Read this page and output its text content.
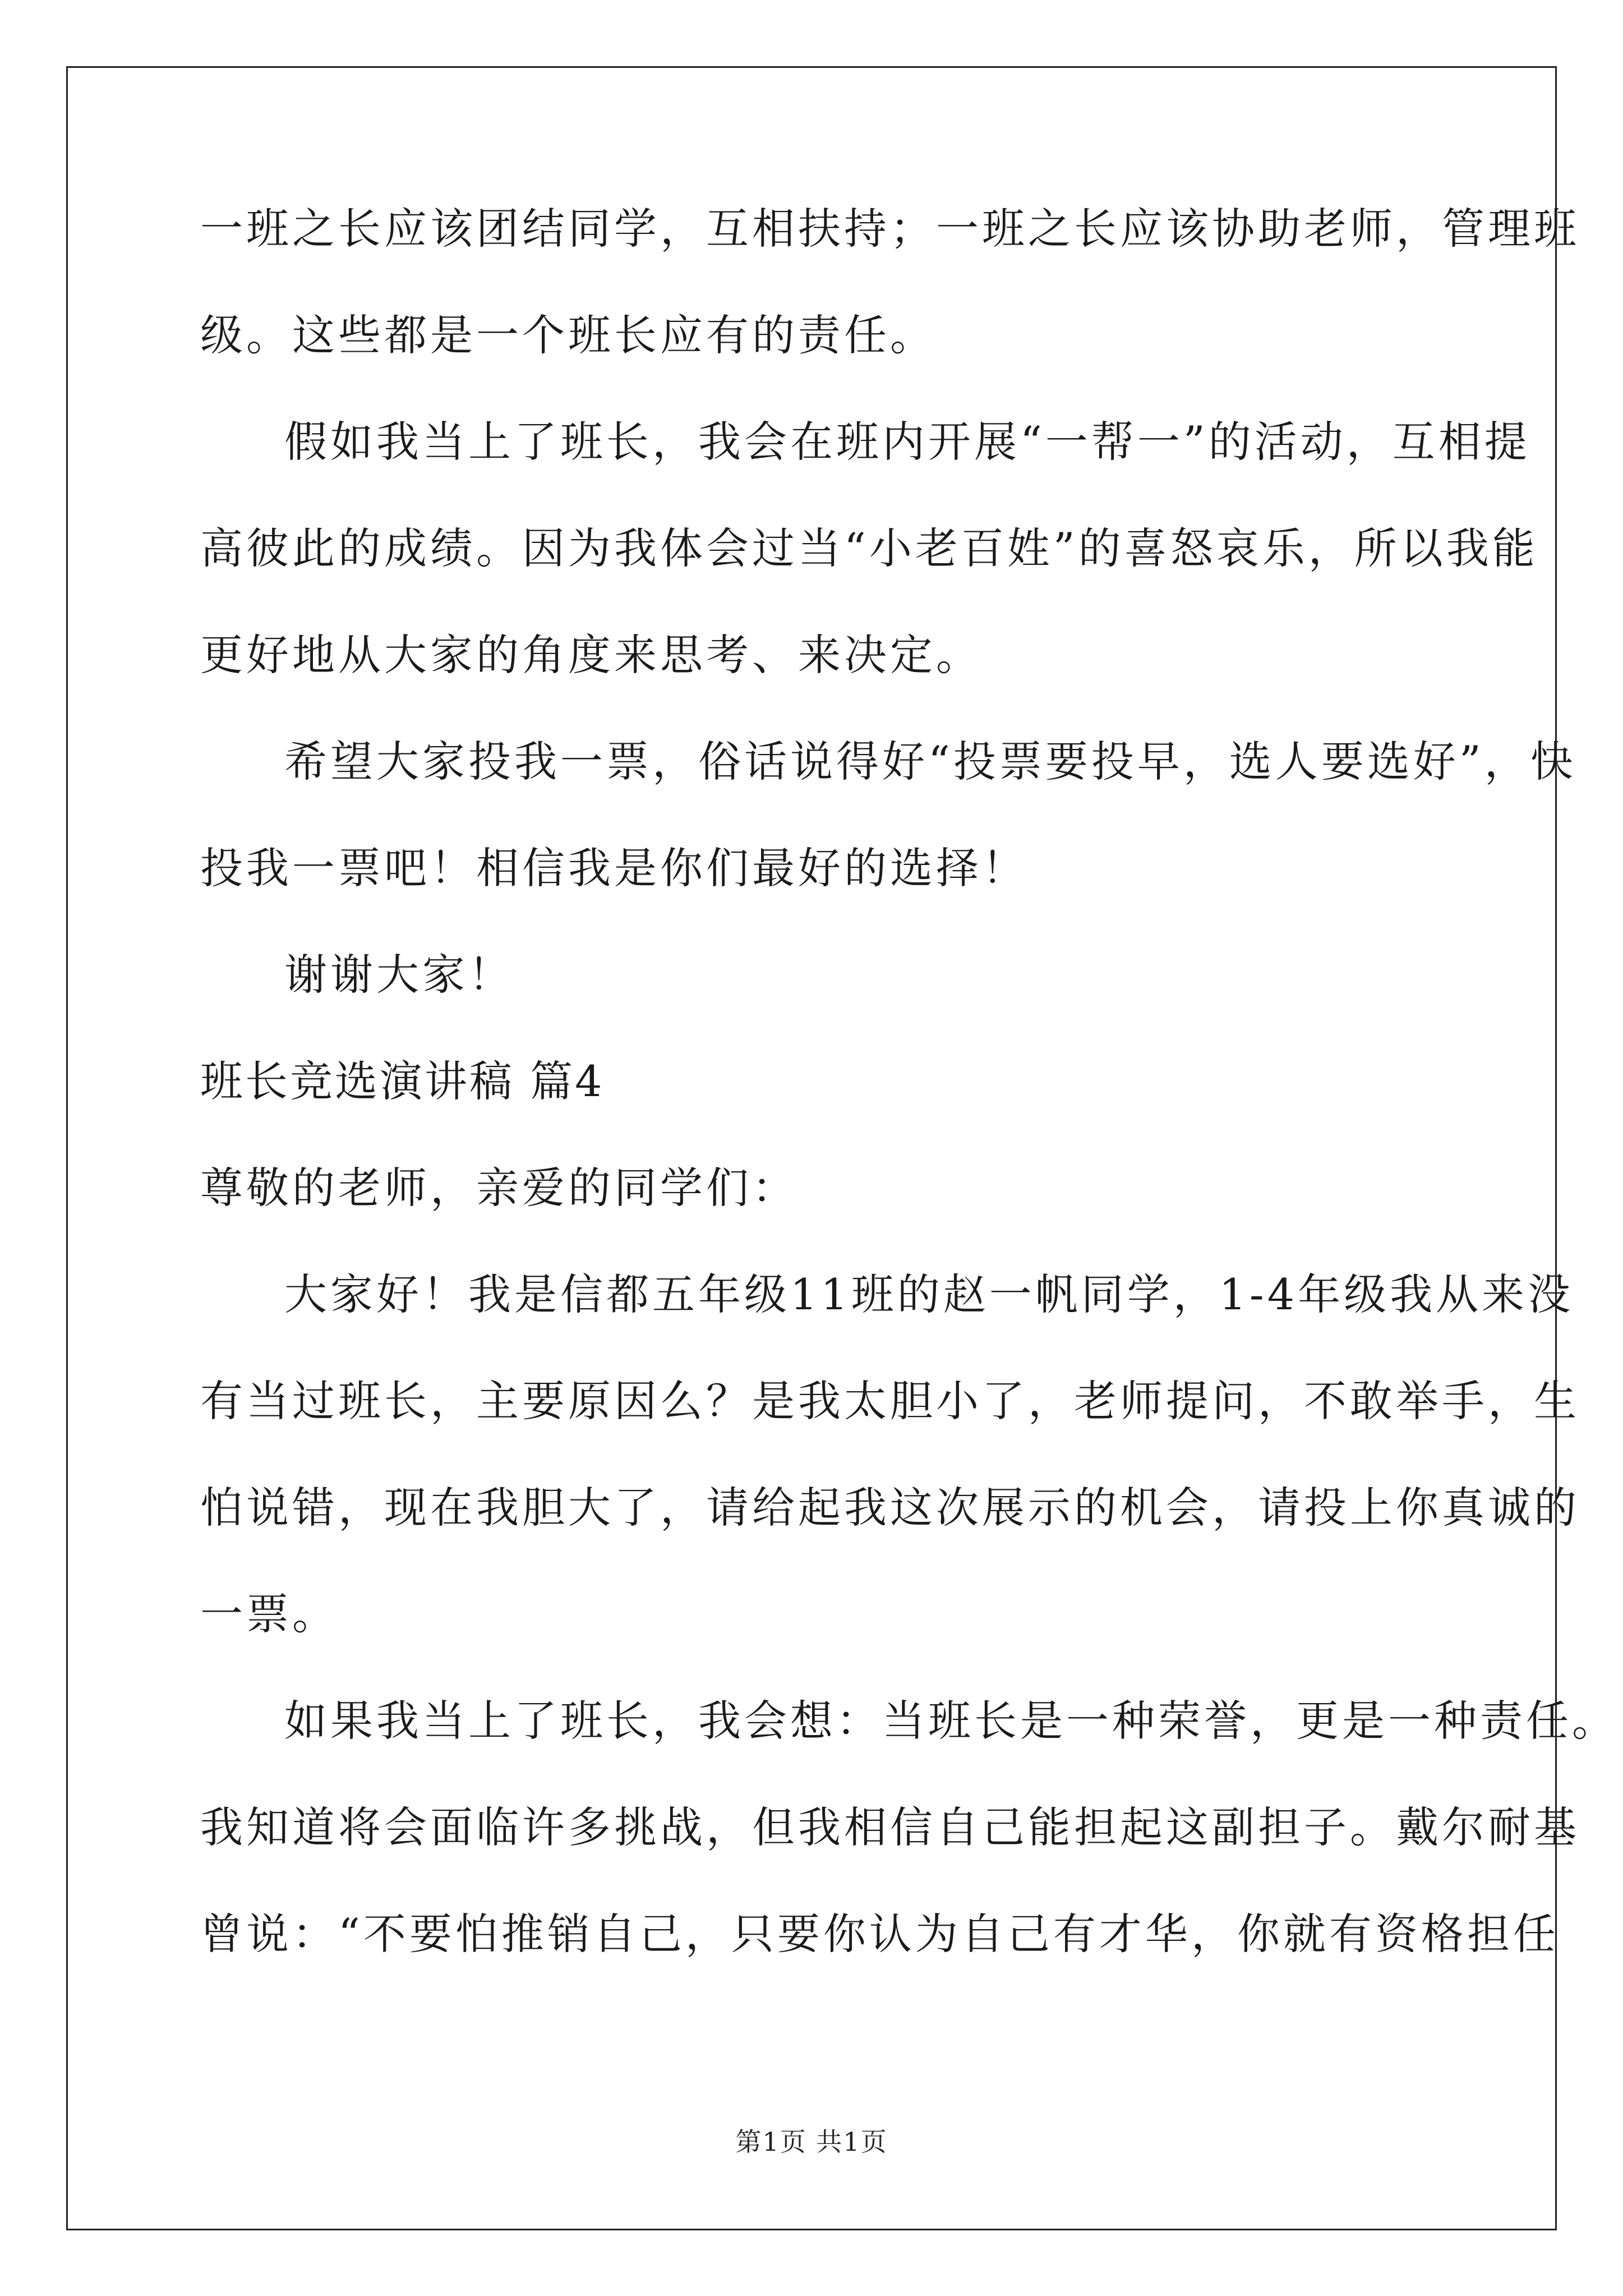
一班之长应该团结同学，互相扶持；一班之长应该协助老师，管理班
级。这些都是一个班长应有的责任。
假如我当上了班长，我会在班内开展“一帮一”的活动，互相提
高彼此的成绩。因为我体会过当“小老百姓”的喜怒哀乐，所以我能
更好地从大家的角度来思考、来决定。
希望大家投我一票，俗话说得好“投票要投早，选人要选好”，快
投我一票吧！相信我是你们最好的选择！
谢谢大家！
班长竞选演讲稿 篇4
尊敬的老师，亲爱的同学们：
大家好！我是信都五年级11班的赵一帆同学，1-4年级我从来没
有当过班长，主要原因么？是我太胆小了，老师提问，不敢举手，生
怕说错，现在我胆大了，请给起我这次展示的机会，请投上你真诚的
一票。
如果我当上了班长，我会想：当班长是一种荣誉，更是一种责任。
我知道将会面临许多挑战，但我相信自己能担起这副担子。戴尔耐基
曾说：“不要怕推销自己，只要你认为自己有才华，你就有资格担任
第1页 共1页
